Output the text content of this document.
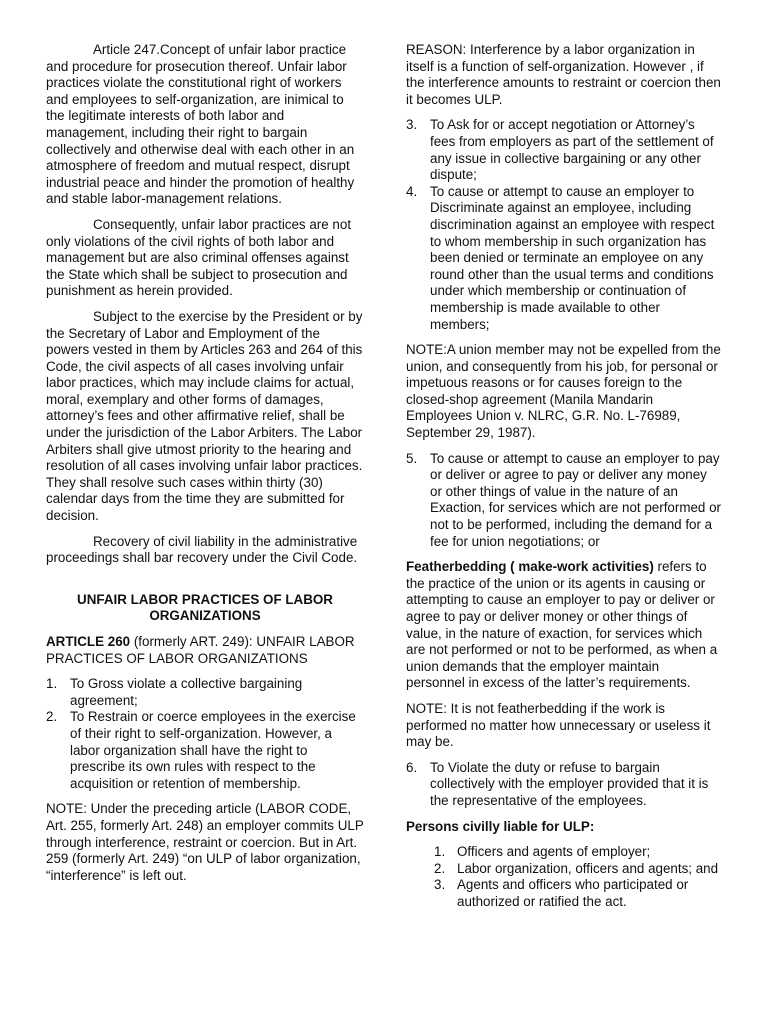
Article 247.Concept of unfair labor practice and procedure for prosecution thereof. Unfair labor practices violate the constitutional right of workers and employees to self-organization, are inimical to the legitimate interests of both labor and management, including their right to bargain collectively and otherwise deal with each other in an atmosphere of freedom and mutual respect, disrupt industrial peace and hinder the promotion of healthy and stable labor-management relations.

Consequently, unfair labor practices are not only violations of the civil rights of both labor and management but are also criminal offenses against the State which shall be subject to prosecution and punishment as herein provided.

Subject to the exercise by the President or by the Secretary of Labor and Employment of the powers vested in them by Articles 263 and 264 of this Code, the civil aspects of all cases involving unfair labor practices, which may include claims for actual, moral, exemplary and other forms of damages, attorney’s fees and other affirmative relief, shall be under the jurisdiction of the Labor Arbiters. The Labor Arbiters shall give utmost priority to the hearing and resolution of all cases involving unfair labor practices. They shall resolve such cases within thirty (30) calendar days from the time they are submitted for decision.

Recovery of civil liability in the administrative proceedings shall bar recovery under the Civil Code.

UNFAIR LABOR PRACTICES OF LABOR ORGANIZATIONS

ARTICLE 260 (formerly ART. 249): UNFAIR LABOR PRACTICES OF LABOR ORGANIZATIONS

1. To Gross violate a collective bargaining agreement;
2. To Restrain or coerce employees in the exercise of their right to self-organization. However, a labor organization shall have the right to prescribe its own rules with respect to the acquisition or retention of membership.

NOTE: Under the preceding article (LABOR CODE, Art. 255, formerly Art. 248) an employer commits ULP through interference, restraint or coercion. But in Art. 259 (formerly Art. 249) “on ULP of labor organization, “interference” is left out.

REASON: Interference by a labor organization in itself is a function of self-organization. However , if the interference amounts to restraint or coercion then it becomes ULP.

3. To Ask for or accept negotiation or Attorney’s fees from employers as part of the settlement of any issue in collective bargaining or any other dispute;
4. To cause or attempt to cause an employer to Discriminate against an employee, including discrimination against an employee with respect to whom membership in such organization has been denied or terminate an employee on any round other than the usual terms and conditions under which membership or continuation of membership is made available to other members;

NOTE:A union member may not be expelled from the union, and consequently from his job, for personal or impetuous reasons or for causes foreign to the closed-shop agreement (Manila Mandarin Employees Union v. NLRC, G.R. No. L-76989, September 29, 1987).

5. To cause or attempt to cause an employer to pay or deliver or agree to pay or deliver any money or other things of value in the nature of an Exaction, for services which are not performed or not to be performed, including the demand for a fee for union negotiations; or

Featherbedding ( make-work activities) refers to the practice of the union or its agents in causing or attempting to cause an employer to pay or deliver or agree to pay or deliver money or other things of value, in the nature of exaction, for services which are not performed or not to be performed, as when a union demands that the employer maintain personnel in excess of the latter’s requirements.

NOTE: It is not featherbedding if the work is performed no matter how unnecessary or useless it may be.

6. To Violate the duty or refuse to bargain collectively with the employer provided that it is the representative of the employees.

Persons civilly liable for ULP:

1. Officers and agents of employer;
2. Labor organization, officers and agents; and
3. Agents and officers who participated or authorized or ratified the act.
